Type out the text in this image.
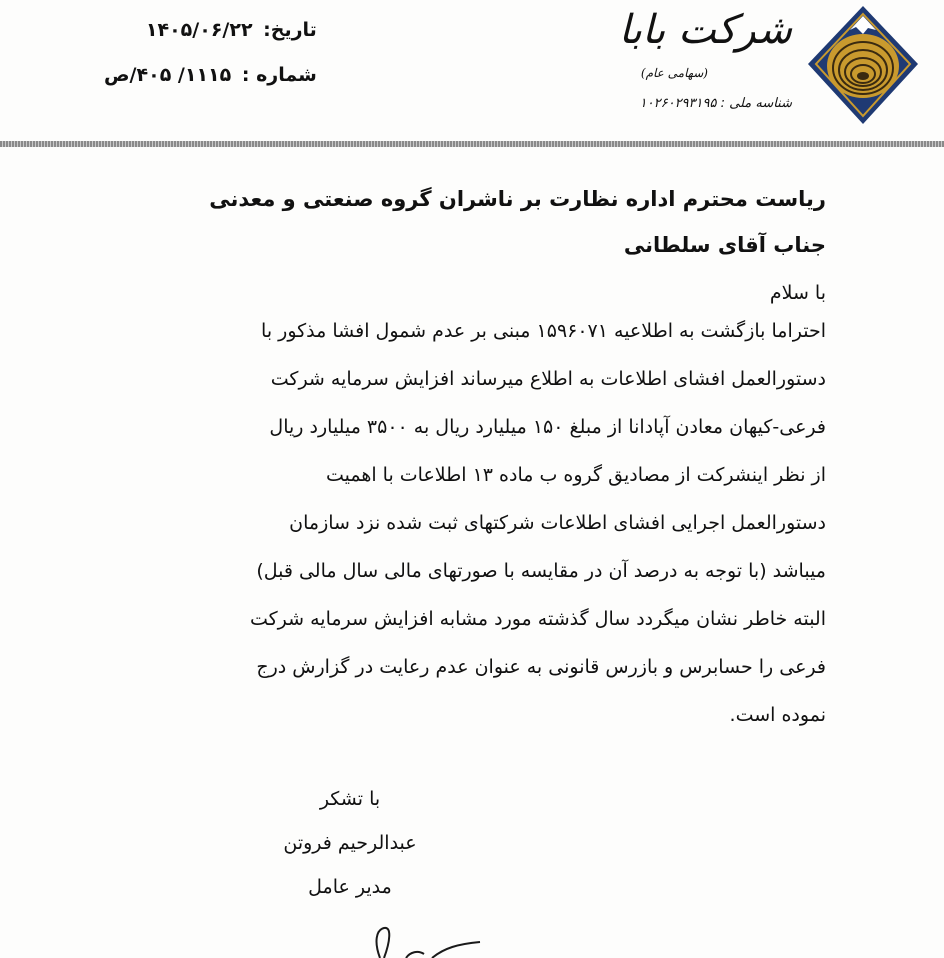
تاریخ: ۱۴۰۵/۰۶/۲۲
شماره : ۱۱۱۵/ ۴۰۵/ص
شرکت بابا
(سهامی عام)
شناسه ملی : ۱۰۲۶۰۲۹۳۱۹۵
ریاست محترم اداره نظارت بر ناشران گروه صنعتی و معدنی
جناب آقای سلطانی
با سلام
احتراما بازگشت به اطلاعیه ۱۵۹۶۰۷۱ مبنی بر عدم شمول افشا مذکور با
دستورالعمل افشای اطلاعات به اطلاع میرساند افزایش سرمایه شرکت
فرعی-کیهان معادن آپادانا از مبلغ ۱۵۰ میلیارد ریال به ۳۵۰۰ میلیارد ریال
از نظر اینشرکت از مصادیق گروه ب ماده ۱۳ اطلاعات با اهمیت
دستورالعمل اجرایی افشای اطلاعات شرکتهای ثبت شده نزد سازمان
میباشد (با توجه به درصد آن در مقایسه با صورتهای مالی سال مالی قبل)
البته خاطر نشان میگردد سال گذشته مورد مشابه افزایش سرمایه شرکت
فرعی را حسابرس و بازرس قانونی به عنوان عدم رعایت در گزارش درج
نموده است.
با تشکر
عبدالرحیم فروتن
مدیر عامل
